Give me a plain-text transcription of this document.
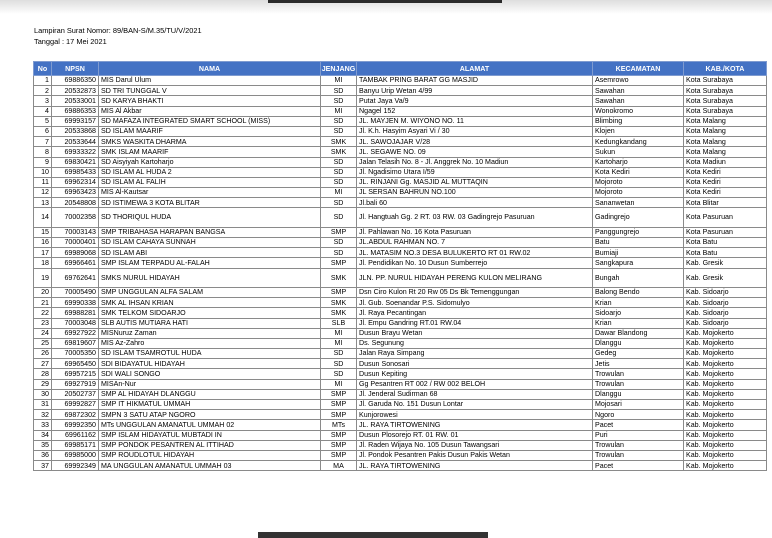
Lampiran Surat Nomor: 89/BAN-S/M.35/TU/V/2021
Tanggal : 17 Mei 2021
No	NPSN	NAMA	JENJANG	ALAMAT	KECAMATAN	KAB./KOTA
1	69886350	MIS Darul Ulum	MI	TAMBAK PRING BARAT GG MASJID	Asemrowo	Kota Surabaya
2	20532873	SD TRI TUNGGAL V	SD	Banyu Urip Wetan 4/99	Sawahan	Kota Surabaya
3	20533001	SD KARYA BHAKTI	SD	Putat Jaya Va/9	Sawahan	Kota Surabaya
4	69886353	MIS Al Akbar	MI	Ngagel 152	Wonokromo	Kota Surabaya
5	69993157	SD MAFAZA INTEGRATED SMART SCHOOL (MISS)	SD	JL. MAYJEN M. WIYONO NO. 11	Blimbing	Kota Malang
6	20533868	SD ISLAM MAARIF	SD	Jl. K.h. Hasyim Asyari Vi / 30	Klojen	Kota Malang
7	20533644	SMKS WASKITA DHARMA	SMK	JL. SAWOJAJAR V/28	Kedungkandang	Kota Malang
8	69933322	SMK ISLAM MAARIF	SMK	JL. SEGAWE NO. 09	Sukun	Kota Malang
9	69830421	SD Aisyiyah Kartoharjo	SD	Jalan Telasih No. 8 - Jl. Anggrek No. 10 Madiun	Kartoharjo	Kota Madiun
10	69985433	SD ISLAM AL HUDA 2	SD	Jl. Ngadisimo Utara I/59	Kota Kediri	Kota Kediri
11	69962314	SD ISLAM AL FALIH	SD	JL. RINJANI Gg. MASJID AL MUTTAQIN	Mojoroto	Kota Kediri
12	69963423	MIS Al-Kautsar	MI	JL SERSAN BAHRUN NO.100	Mojoroto	Kota Kediri
13	20548808	SD ISTIMEWA 3 KOTA BLITAR	SD	Jl.bali 60	Sananwetan	Kota Blitar
14	70002358	SD THORIQUL HUDA	SD	Jl. Hangtuah Gg. 2 RT. 03 RW. 03 Gadingrejo Pasuruan	Gadingrejo	Kota Pasuruan
15	70003143	SMP TRIBAHASA HARAPAN BANGSA	SMP	Jl. Pahlawan No. 16 Kota Pasuruan	Panggungrejo	Kota Pasuruan
16	70000401	SD ISLAM CAHAYA SUNNAH	SD	JL.ABDUL RAHMAN NO. 7	Batu	Kota Batu
17	69989068	SD ISLAM ABI	SD	JL. MATASIM NO.3 DESA BULUKERTO RT 01 RW.02	Bumiaji	Kota Batu
18	69966461	SMP ISLAM TERPADU AL-FALAH	SMP	Jl. Pendidikan No. 10 Dusun Sumberrejo	Sangkapura	Kab. Gresik
19	69762641	SMKS NURUL HIDAYAH	SMK	JLN. PP. NURUL HIDAYAH PERENG KULON MELIRANG	Bungah	Kab. Gresik
20	70005490	SMP UNGGULAN ALFA SALAM	SMP	Dsn Ciro Kulon Rt 20 Rw 05 Ds Bk Temenggungan	Balong Bendo	Kab. Sidoarjo
21	69990338	SMK AL IHSAN KRIAN	SMK	Jl. Gub. Soenandar P.S. Sidomulyo	Krian	Kab. Sidoarjo
22	69988281	SMK TELKOM SIDOARJO	SMK	Jl. Raya Pecantingan	Sidoarjo	Kab. Sidoarjo
23	70003048	SLB AUTIS MUTIARA HATI	SLB	Jl. Empu Gandring RT.01 RW.04	Krian	Kab. Sidoarjo
24	69927922	MISNuruz Zaman	MI	Dusun Brayu Wetan	Dawar Blandong	Kab. Mojokerto
25	69819607	MIS Az-Zahro	MI	Ds. Segunung	Dlanggu	Kab. Mojokerto
26	70005350	SD ISLAM TSAMROTUL HUDA	SD	Jalan Raya Simpang	Gedeg	Kab. Mojokerto
27	69965450	SDI BIDAYATUL HIDAYAH	SD	Dusun Sonosari	Jetis	Kab. Mojokerto
28	69957215	SDI WALI SONGO	SD	Dusun Kepiting	Trowulan	Kab. Mojokerto
29	69927919	MISAn-Nur	MI	Gg Pesantren RT 002 / RW 002 BELOH	Trowulan	Kab. Mojokerto
30	20502737	SMP AL HIDAYAH DLANGGU	SMP	Jl. Jenderal Sudirman 68	Dlanggu	Kab. Mojokerto
31	69992827	SMP IT HIKMATUL UMMAH	SMP	Jl. Garuda No. 151 Dusun Lontar	Mojosari	Kab. Mojokerto
32	69872302	SMPN 3 SATU ATAP NGORO	SMP	Kunjorowesi	Ngoro	Kab. Mojokerto
33	69992350	MTs UNGGULAN AMANATUL UMMAH 02	MTs	JL. RAYA TIRTOWENING	Pacet	Kab. Mojokerto
34	69961162	SMP ISLAM HIDAYATUL MUBTADI IN	SMP	Dusun Plosorejo RT. 01 RW. 01	Puri	Kab. Mojokerto
35	69985171	SMP PONDOK PESANTREN AL ITTIHAD	SMP	Jl. Raden Wijaya No. 105 Dusun Tawangsari	Trowulan	Kab. Mojokerto
36	69985000	SMP ROUDLOTUL HIDAYAH	SMP	Jl. Pondok Pesantren Pakis Dusun Pakis Wetan	Trowulan	Kab. Mojokerto
37	69992349	MA UNGGULAN AMANATUL UMMAH 03	MA	JL. RAYA TIRTOWENING	Pacet	Kab. Mojokerto
